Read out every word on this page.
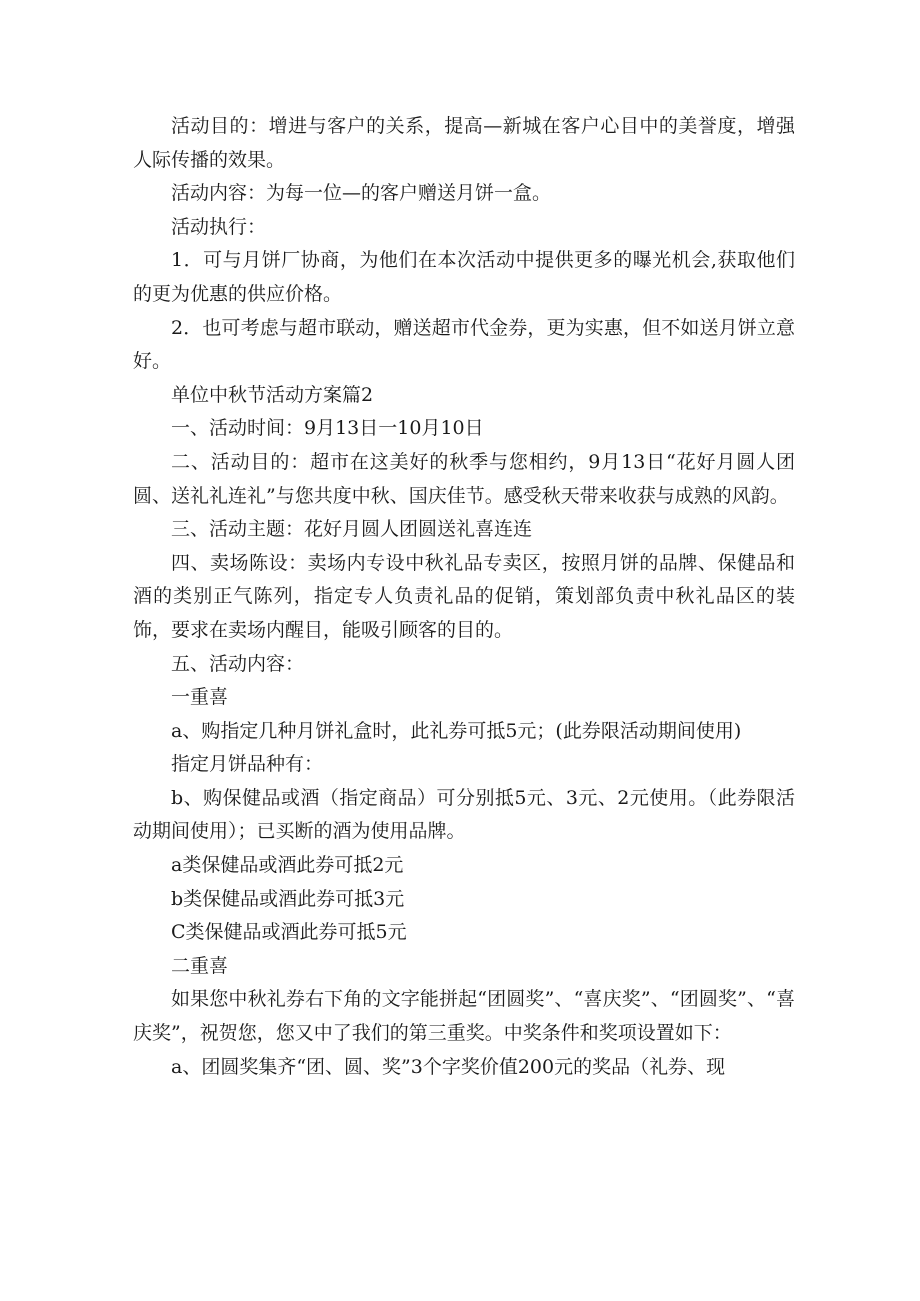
活动目的：增进与客户的关系，提高—新城在客户心目中的美誉度，增强人际传播的效果。

活动内容：为每一位—的客户赠送月饼一盒。

活动执行：

1．可与月饼厂协商，为他们在本次活动中提供更多的曝光机会,获取他们的更为优惠的供应价格。

2．也可考虑与超市联动，赠送超市代金券，更为实惠，但不如送月饼立意好。

单位中秋节活动方案篇2

一、活动时间：9月13日一10月10日

二、活动目的：超市在这美好的秋季与您相约，9月13日“花好月圆人团圆、送礼礼连礼”与您共度中秋、国庆佳节。感受秋天带来收获与成熟的风韵。

三、活动主题：花好月圆人团圆送礼喜连连

四、卖场陈设：卖场内专设中秋礼品专卖区，按照月饼的品牌、保健品和酒的类别正气陈列，指定专人负责礼品的促销，策划部负责中秋礼品区的装饰，要求在卖场内醒目，能吸引顾客的目的。

五、活动内容：

一重喜

a、购指定几种月饼礼盒时，此礼券可抵5元；(此券限活动期间使用)

指定月饼品种有：

b、购保健品或酒（指定商品）可分别抵5元、3元、2元使用。（此券限活动期间使用）；已买断的酒为使用品牌。

a类保健品或酒此券可抵2元

b类保健品或酒此券可抵3元

C类保健品或酒此券可抵5元

二重喜

如果您中秋礼券右下角的文字能拼起“团圆奖”、“喜庆奖”、“团圆奖”、“喜庆奖”，祝贺您，您又中了我们的第三重奖。中奖条件和奖项设置如下：

a、团圆奖集齐“团、圆、奖”3个字奖价值200元的奖品（礼券、现
